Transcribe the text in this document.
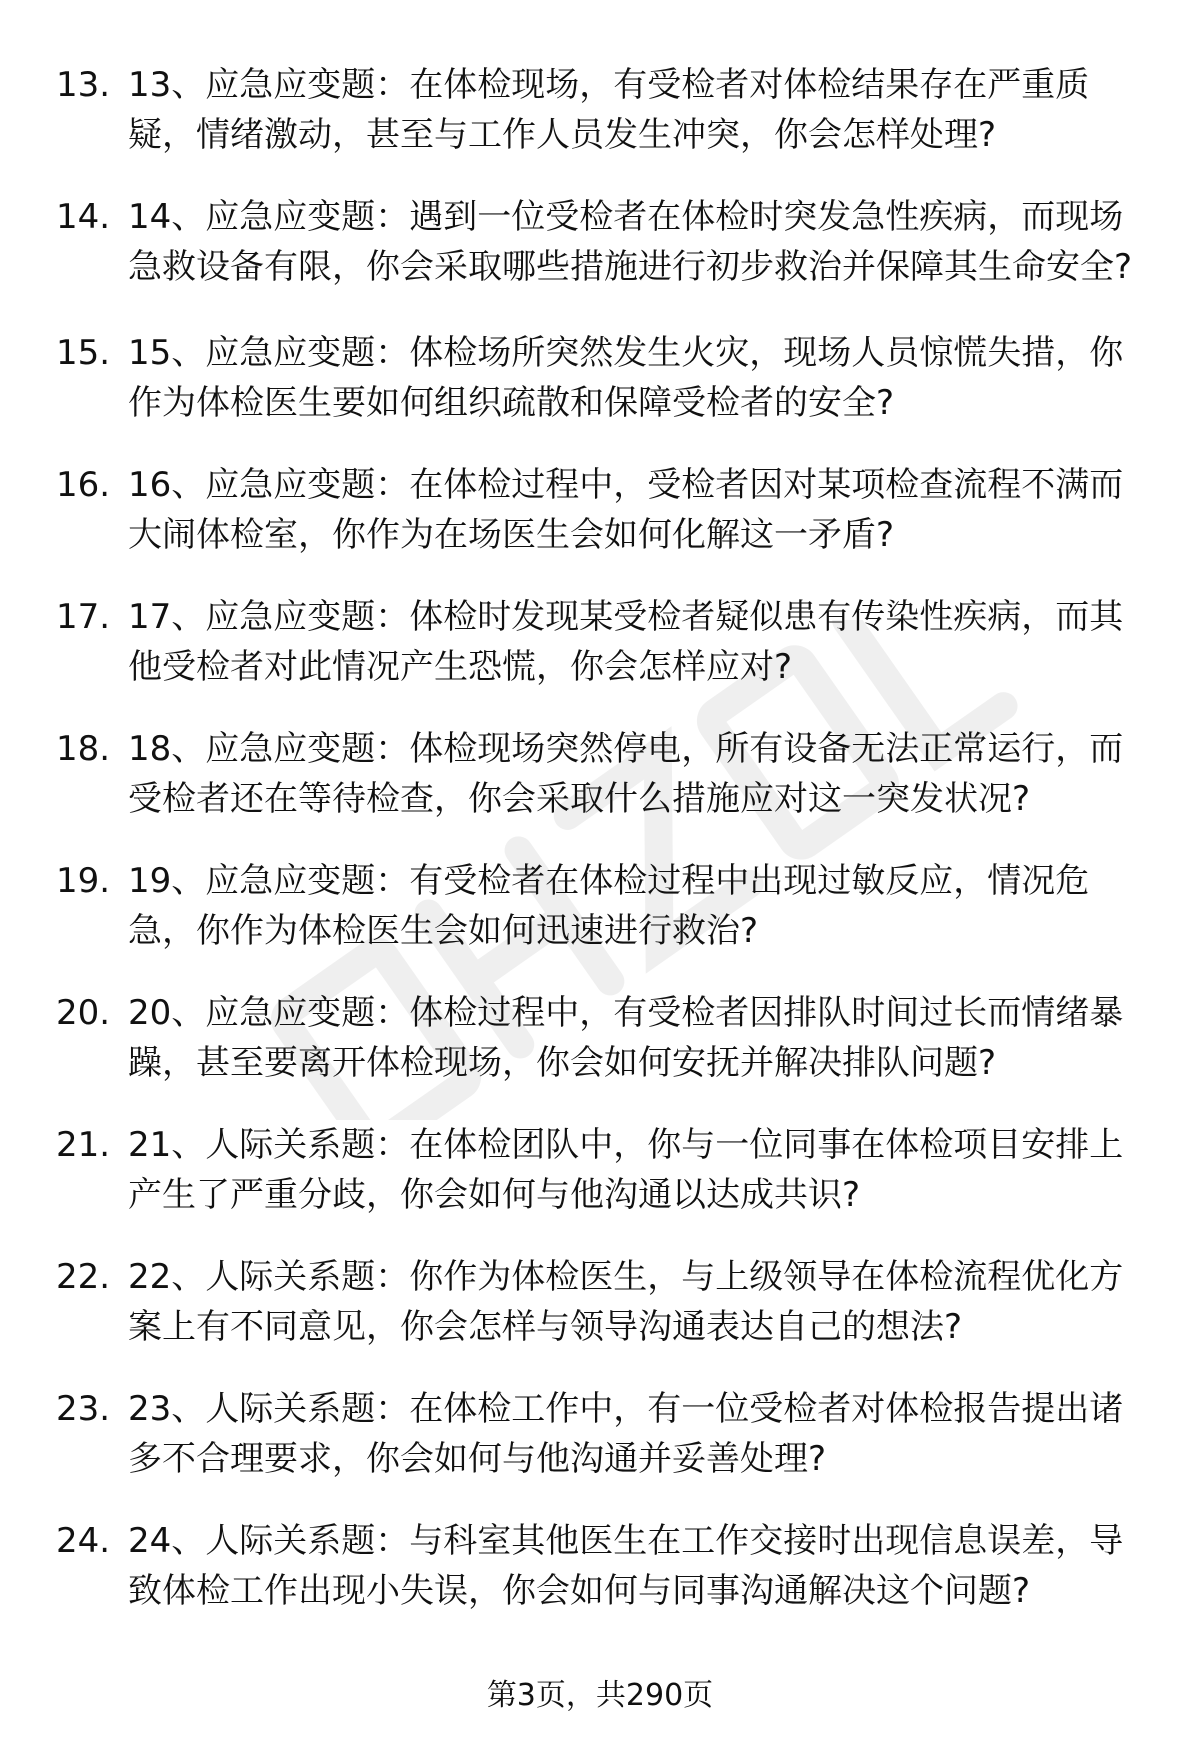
13. 13、应急应变题：在体检现场，有受检者对体检结果存在严重质疑，情绪激动，甚至与工作人员发生冲突，你会怎样处理?
14. 14、应急应变题：遇到一位受检者在体检时突发急性疾病，而现场急救设备有限，你会采取哪些措施进行初步救治并保障其生命安全?
15. 15、应急应变题：体检场所突然发生火灾，现场人员惊慌失措，你作为体检医生要如何组织疏散和保障受检者的安全?
16. 16、应急应变题：在体检过程中，受检者因对某项检查流程不满而大闹体检室，你作为在场医生会如何化解这一矛盾?
17. 17、应急应变题：体检时发现某受检者疑似患有传染性疾病，而其他受检者对此情况产生恐慌，你会怎样应对?
18. 18、应急应变题：体检现场突然停电，所有设备无法正常运行，而受检者还在等待检查，你会采取什么措施应对这一突发状况?
19. 19、应急应变题：有受检者在体检过程中出现过敏反应，情况危急，你作为体检医生会如何迅速进行救治?
20. 20、应急应变题：体检过程中，有受检者因排队时间过长而情绪暴躁，甚至要离开体检现场，你会如何安抚并解决排队问题?
21. 21、人际关系题：在体检团队中，你与一位同事在体检项目安排上产生了严重分歧，你会如何与他沟通以达成共识?
22. 22、人际关系题：你作为体检医生，与上级领导在体检流程优化方案上有不同意见，你会怎样与领导沟通表达自己的想法?
23. 23、人际关系题：在体检工作中，有一位受检者对体检报告提出诸多不合理要求，你会如何与他沟通并妥善处理?
24. 24、人际关系题：与科室其他医生在工作交接时出现信息误差，导致体检工作出现小失误，你会如何与同事沟通解决这个问题?
第3页，共290页
